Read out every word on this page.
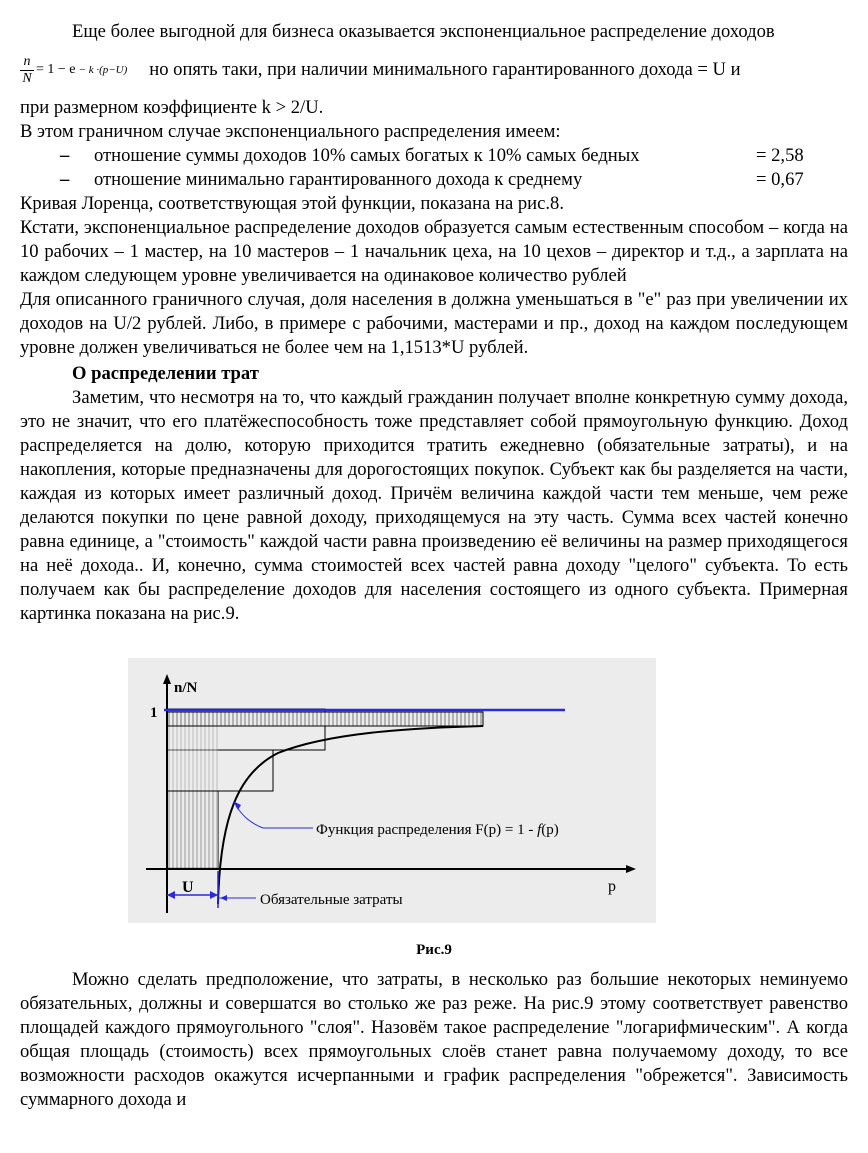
Еще более выгодной для бизнеса оказывается экспоненциальное распределение доходов

$\frac{n}{N} = 1 - e - k \cdot(p-U)$ но опять таки, при наличии минимального гарантированного дохода = U и

при размерном коэффициенте k > 2/U.

В этом граничном случае экспоненциального распределения имеем:

–	отношение суммы доходов 10% самых богатых к 10% самых бедных	= 2,58
–	отношение минимально гарантированного дохода к среднему	= 0,67

Кривая Лоренца, соответствующая этой функции, показана на рис.8.

Кстати, экспоненциальное распределение доходов образуется самым естественным способом – когда на 10 рабочих – 1 мастер, на 10 мастеров – 1 начальник цеха, на 10 цехов – директор и т.д., а зарплата на каждом следующем уровне увеличивается на одинаковое количество рублей

Для описанного граничного случая, доля населения в должна уменьшаться в "е" раз при увеличении их доходов на U/2 рублей. Либо, в примере с рабочими, мастерами и пр., доход на каждом последующем уровне должен увеличиваться не более чем на 1,1513*U рублей.

О распределении трат

Заметим, что несмотря на то, что каждый гражданин получает вполне конкретную сумму дохода, это не значит, что его платёжеспособность тоже представляет собой прямоугольную функцию. Доход распределяется на долю, которую приходится тратить ежедневно (обязательные затраты), и на накопления, которые предназначены для дорогостоящих покупок. Субъект как бы разделяется на части, каждая из которых имеет различный доход. Причём величина каждой части тем меньше, чем реже делаются покупки по цене равной доходу, приходящемуся на эту часть. Сумма всех частей конечно равна единице, а "стоимость" каждой части равна произведению её величины на размер приходящегося на неё дохода.. И, конечно, сумма стоимостей всех частей равна доходу "целого" субъекта. То есть получаем как бы распределение доходов для населения состоящего из одного субъекта. Примерная картинка показана на рис.9.

n/N
1
Функция распределения F(p) = 1 - f(p)
U	p
Обязательные затраты
Рис.9

Можно сделать предположение, что затраты, в несколько раз большие некоторых неминуемо обязательных, должны и совершатся во столько же раз реже. На рис.9 этому соответствует равенство площадей каждого прямоугольного "слоя". Назовём такое распределение "логарифмическим". А когда общая площадь (стоимость) всех прямоугольных слоёв станет равна получаемому доходу, то все возможности расходов окажутся исчерпанными и график распределения "обрежется". Зависимость суммарного дохода и
